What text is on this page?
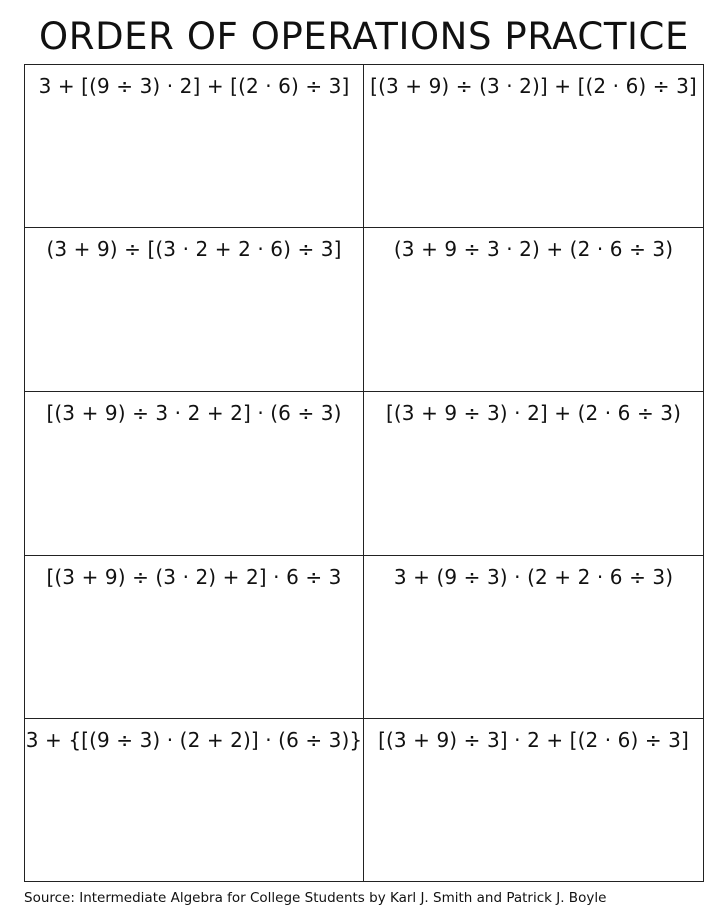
ORDER OF OPERATIONS PRACTICE
3 + [(9 ÷ 3) · 2] + [(2 · 6) ÷ 3] [(3 + 9) ÷ (3 · 2)] + [(2 · 6) ÷ 3]
(3 + 9) ÷ [(3 · 2 + 2 · 6) ÷ 3]	(3 + 9 ÷ 3 · 2) + (2 · 6 ÷ 3)
[(3 + 9) ÷ 3 · 2 + 2] · (6 ÷ 3) [(3 + 9 ÷ 3) · 2] + (2 · 6 ÷ 3)
[(3 + 9) ÷ (3 · 2) + 2] · 6 ÷ 3	3 + (9 ÷ 3) · (2 + 2 · 6 ÷ 3)
3 + {[(9 ÷ 3) · (2 + 2)] · (6 ÷ 3)} [(3 + 9) ÷ 3] · 2 + [(2 · 6) ÷ 3]
Source: Intermediate Algebra for College Students by Karl J. Smith and Patrick J. Boyle
